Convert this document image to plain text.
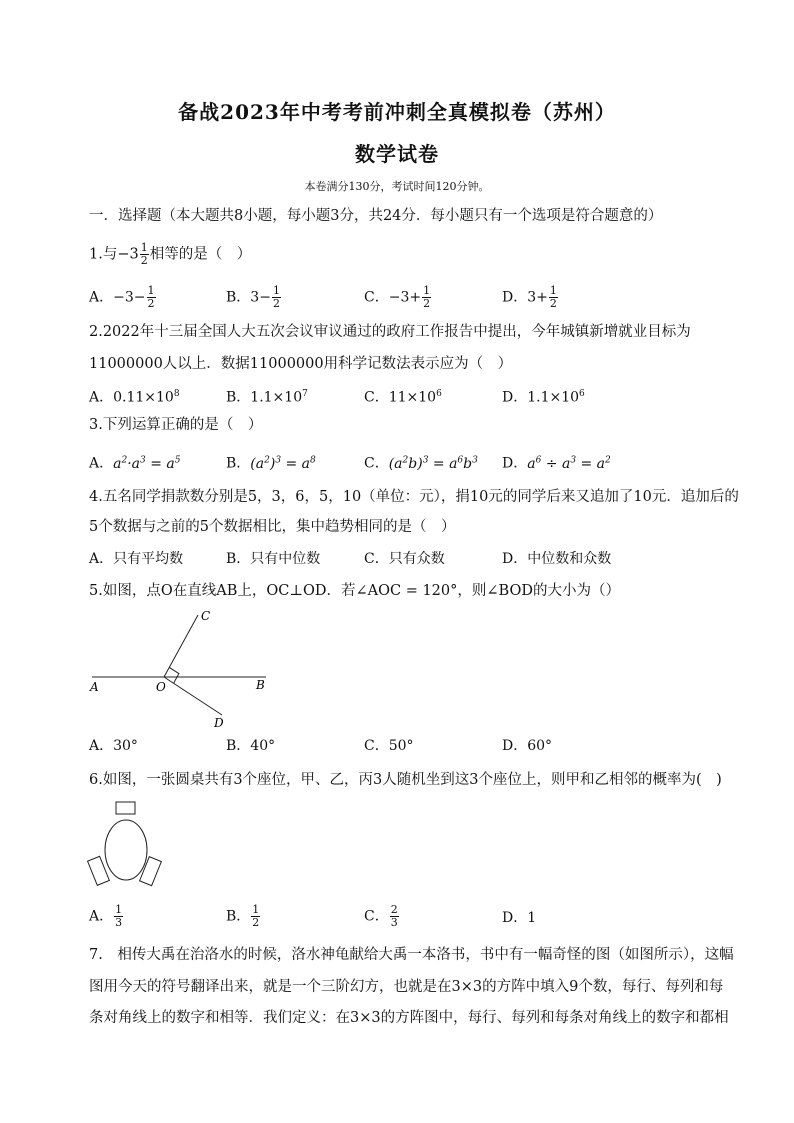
备战2023年中考考前冲刺全真模拟卷（苏州）
数学试卷
本卷满分130分，考试时间120分钟。
一．选择题（本大题共8小题，每小题3分，共24分．每小题只有一个选项是符合题意的）
1.与$-3 \frac{1}{2}$ 相等的是（　）
A．$-3- \frac{1}{2}$	B．$3- \frac{1}{2}$	C．$-3+ \frac{1}{2}$	D．$3+ \frac{1}{2}$
2.2022年十三届全国人大五次会议审议通过的政府工作报告中提出，今年城镇新增就业目标为
11000000人以上．数据11000000用科学记数法表示应为（　）
A．$0.11\times 10^8$	B．$1.1\times 10^7$	C．$11\times 10^6$	D．$1.1\times 10^6$
3.下列运算正确的是（　）
A．$a^2\cdot a^3 = a^5$	B．$(a^2)^3 = a^8$	C．$(a^2b)^3 = a^6b^3$ D．$a^6 \div a^3 = a^2$
4.五名同学捐款数分别是5，3，6，5，10（单位：元），捐10元的同学后来又追加了10元．追加后的
5个数据与之前的5个数据相比，集中趋势相同的是（　）
A．只有平均数	B．只有中位数	C．只有众数	D．中位数和众数
5.如图，点O在直线AB上，OC⊥OD．若∠AOC = 120°，则∠BOD的大小为（）
A	O	B
C
D
A．30°	B．40°	C．50°	D．60°
6.如图，一张圆桌共有3个座位，甲、乙，丙3人随机坐到这3个座位上，则甲和乙相邻的概率为(　)
A． $\frac{1}{3}$	B． $\frac{1}{2}$	C． $\frac{2}{3}$	D．1
7.　相传大禹在治洛水的时候，洛水神龟献给大禹一本洛书，书中有一幅奇怪的图（如图所示），这幅
图用今天的符号翻译出来，就是一个三阶幻方，也就是在3×3的方阵中填入9个数，每行、每列和每
条对角线上的数字和相等．我们定义：在3×3的方阵图中，每行、每列和每条对角线上的数字和都相
